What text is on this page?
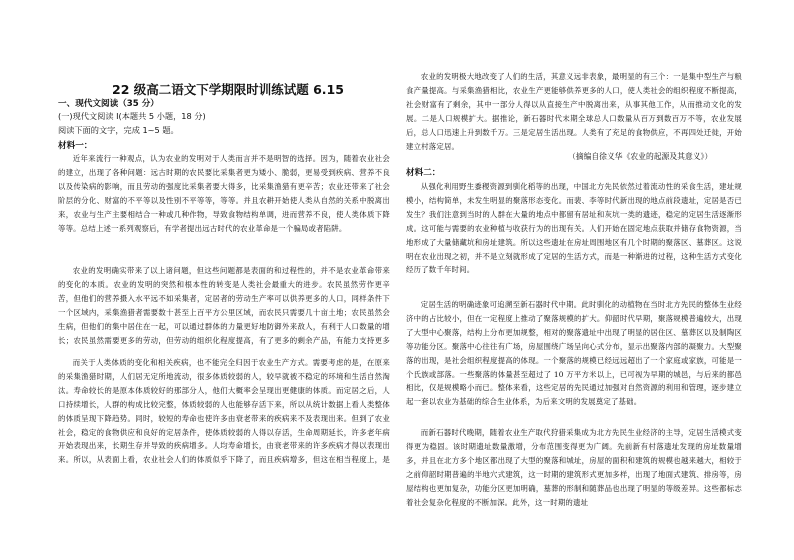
22 级高二语文下学期限时训练试题 6.15
一、现代文阅读（35 分）
(一)现代文阅读 I(本题共 5 小题，18 分)
阅读下面的文字，完成 1~5 题。
材料一：
近年来流行一种观点，认为农业的发明对于人类而言并不是明智的选择。因为，随着农业社会的建立，出现了各种问题：远古时期的农民要比采集者更为矮小、脆弱，更易受到疾病、营养不良以及传染病的影响，而且劳动的强度比采集者要大得多，比采集渔猎有更辛苦；农业还带来了社会阶层的分化、财富的不平等以及性别不平等等，等等。并且农耕开始使人类从自然的关系中脱离出来，农业与生产主要相结合一种或几种作物，导致食物结构单调，进而营养不良，使人类体质下降等等。总结上述一系列观察后，有学者提出远古时代的农业革命是一个骗局或者陷阱。
农业的发明确实带来了以上诸问题，但这些问题都是表面的和过程性的，并不是农业革命带来的变化的本质。农业的发明的突然和根本性的转变是人类社会最重大的进步。农民虽然劳作更辛苦，但他们的营养摄入水平远不如采集者，定居者的劳动生产率可以供养更多的人口，同样条件下一个区域内，采集渔猎者需要数十甚至上百平方公里区域，而农民只需要几十亩土地；农民虽然会生病，但他们的集中居住在一起，可以通过群体的力量更好地防御外来敌人，有利于人口数量的增长；农民虽然需要更多的劳动，但劳动的组织化程度提高，有了更多的剩余产品，有能力支持更多
而关于人类体质的变化和相关疾病，也不能完全归因于农业生产方式。需要考虑的是，在原来的采集渔猎时期，人们居无定所地流动，很多体质较弱的人，较早就被不稳定的环境和生活自然淘汰。寿命较长的是原本体质较好的那部分人，他们大概率会呈现出更健康的体质。而定居之后，人口持续增长，人群的构成比较完整，体质较弱的人也能够存活下来，所以从统计数据上看人类整体的体质呈现下降趋势。同时，较短的寿命也使许多由衰老带来的疾病来不及表现出来。但到了农业社会，稳定的食物供应和良好的定居条件，使体质较弱的人得以存活，生命周期延长，许多老年病开始表现出来，长期生存并导致的疾病增多。人均寿命增长，由衰老带来的许多疾病才得以表现出来。所以，从表面上看，农业社会人们的体质似乎下降了，而且疾病增多，但这在相当程度上，是
农业的发明极大地改变了人们的生活，其意义远非表象，最明显的有三个：一是集中型生产与粮食产量提高。与采集渔猎相比，农业生产更能够供养更多的人口，使人类社会的组织程度不断提高，社会财富有了剩余，其中一部分人得以从直接生产中脱离出来，从事其他工作，从而推动文化的发展。二是人口规模扩大。据推论，新石器时代末期全球总人口数量从百万到数百万不等，农业发展后，总人口迅速上升到数千万。三是定居生活出现。人类有了充足的食物供应，不再四处迁徙，开始建立村落定居。
（摘编自徐义华《农业的起源及其意义》）
材料二：
从强化利用野生黍稷资源到驯化稻等的出现，中国北方先民依然过着流动性的采食生活，建址规模小，结构简单，未发生明显的聚落形态变化。而裴、李等时代新出现的地点前段遗址，定居是否已发生？我们注意到当时的人群在大量的地点中都留有居址和灰坑一类的遗迹，稳定的定居生活逐渐形成。这可能与需要的农业种植与收获行为的出现有关。人们开始在固定地点获取并储存食物资源，当地形成了大量储藏坑和房址建筑。所以这些遗址在房址周围地区有几个时期的聚落区、墓葬区。这说明在农业出现之初，并不是立刻就形成了定居的生活方式，而是一种渐进的过程，这种生活方式变化经历了数千年时间。
定居生活的明确迹象可追溯至新石器时代中期。此时驯化的动植物在当时北方先民的整体生业经济中的占比较小，但在一定程度上推动了聚落规模的扩大。仰韶时代早期，聚落规模普遍较大，出现了大型中心聚落，结构上分布更加规整，相对的聚落遗址中出现了明显的居住区、墓葬区以及制陶区等功能分区。聚落中心往往有广场，房屋围绕广场呈向心式分布，显示出聚落内部的凝聚力。大型聚落的出现，是社会组织程度提高的体现。一个聚落的规模已经远远超出了一个家庭或家族，可能是一个氏族或部落。一些聚落的体量甚至超过了 10 万平方米以上，已可视为早期的城邑，与后来的都邑相比，仅是规模略小而已。整体来看，这些定居的先民通过加强对自然资源的利用和管理，逐步建立起一套以农业为基础的综合生业体系，为后来文明的发展奠定了基础。
而新石器时代晚期，随着农业生产取代狩猎采集成为北方先民生业经济的主导，定居生活模式变得更为稳固。该时期遗址数量激增，分布范围变得更为广阔。先前新有村落遗址发现的房址数量增多，并且在北方多个地区都出现了大型的聚落和城址，房屋的面积和建筑的规模也越来越大，相较于之前仰韶时期普遍的半地穴式建筑，这一时期的建筑形式更加多样，出现了地面式建筑、排房等，房屋结构也更加复杂，功能分区更加明确，墓葬的形制和随葬品也出现了明显的等级差异。这些都标志着社会复杂化程度的不断加深。此外，这一时期的遗址
